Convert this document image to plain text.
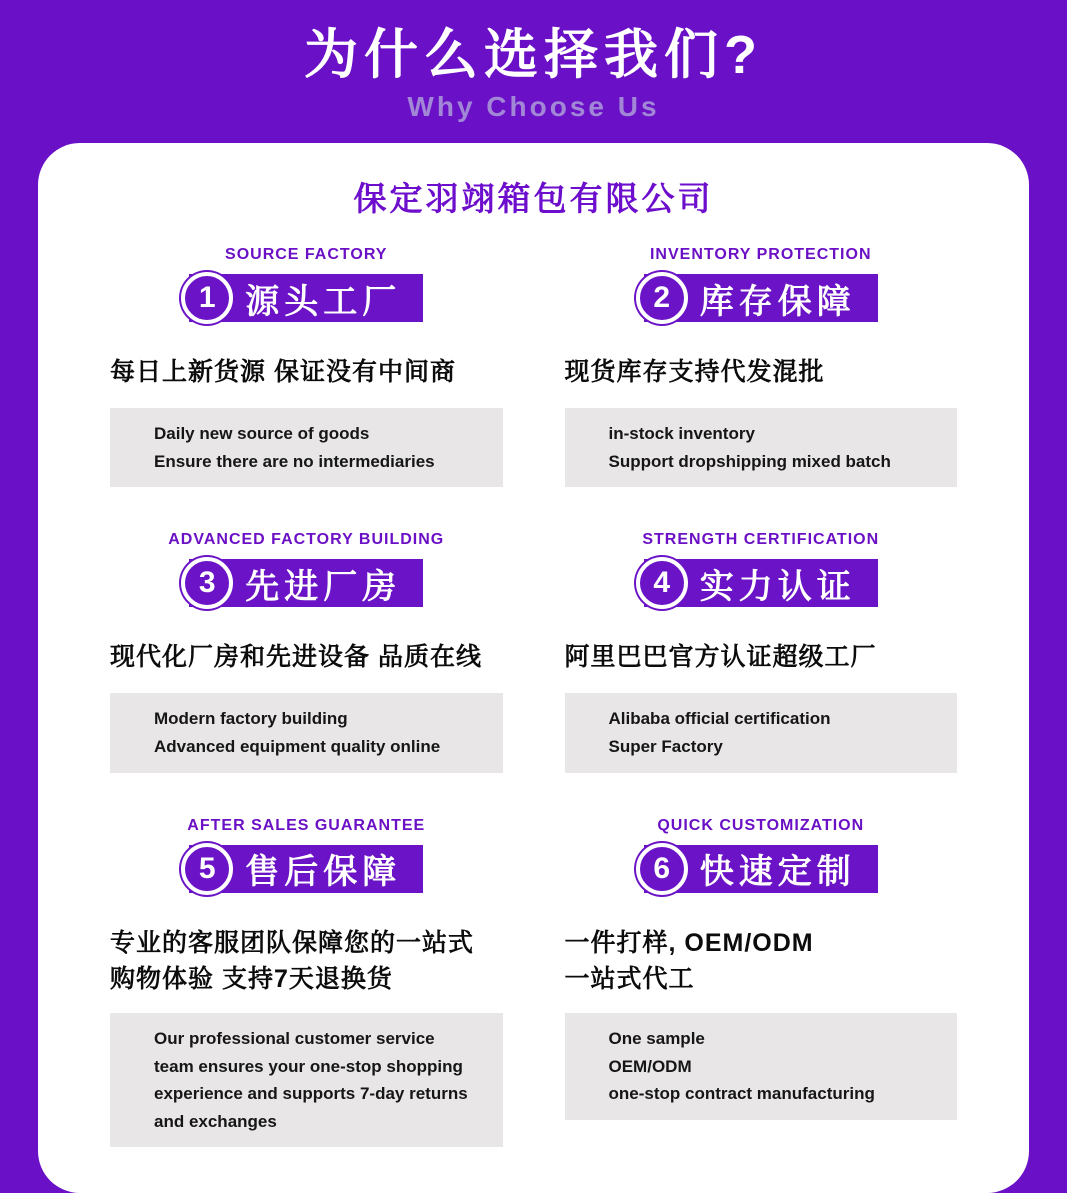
为什么选择我们?
Why Choose Us
保定羽翊箱包有限公司
SOURCE FACTORY
1 源头工厂
每日上新货源 保证没有中间商
Daily new source of goods
Ensure there are no intermediaries
INVENTORY PROTECTION
2 库存保障
现货库存支持代发混批
in-stock inventory
Support dropshipping mixed batch
ADVANCED FACTORY BUILDING
3 先进厂房
现代化厂房和先进设备 品质在线
Modern factory building
Advanced equipment quality online
STRENGTH CERTIFICATION
4 实力认证
阿里巴巴官方认证超级工厂
Alibaba official certification
Super Factory
AFTER SALES GUARANTEE
5 售后保障
专业的客服团队保障您的一站式
购物体验 支持7天退换货
Our professional customer service
team ensures your one-stop shopping
experience and supports 7-day returns
and exchanges
QUICK CUSTOMIZATION
6 快速定制
一件打样, OEM/ODM
一站式代工
One sample
OEM/ODM
one-stop contract manufacturing
